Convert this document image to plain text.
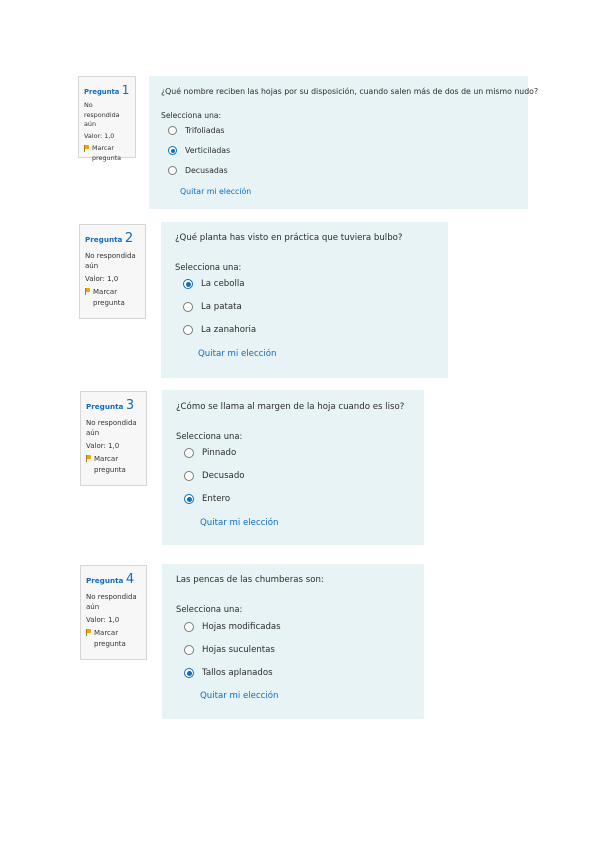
Pregunta 1
No respondida aún
Valor: 1,0
Marcar pregunta
¿Qué nombre reciben las hojas por su disposición, cuando salen más de dos de un mismo nudo?
Selecciona una:
Trifoliadas
Verticiladas
Decusadas
Quitar mi elección
Pregunta 2
No respondida aún
Valor: 1,0
Marcar pregunta
¿Qué planta has visto en práctica que tuviera bulbo?
Selecciona una:
La cebolla
La patata
La zanahoria
Quitar mi elección
Pregunta 3
No respondida aún
Valor: 1,0
Marcar pregunta
¿Cómo se llama al margen de la hoja cuando es liso?
Selecciona una:
Pinnado
Decusado
Entero
Quitar mi elección
Pregunta 4
No respondida aún
Valor: 1,0
Marcar pregunta
Las pencas de las chumberas son:
Selecciona una:
Hojas modificadas
Hojas suculentas
Tallos aplanados
Quitar mi elección
